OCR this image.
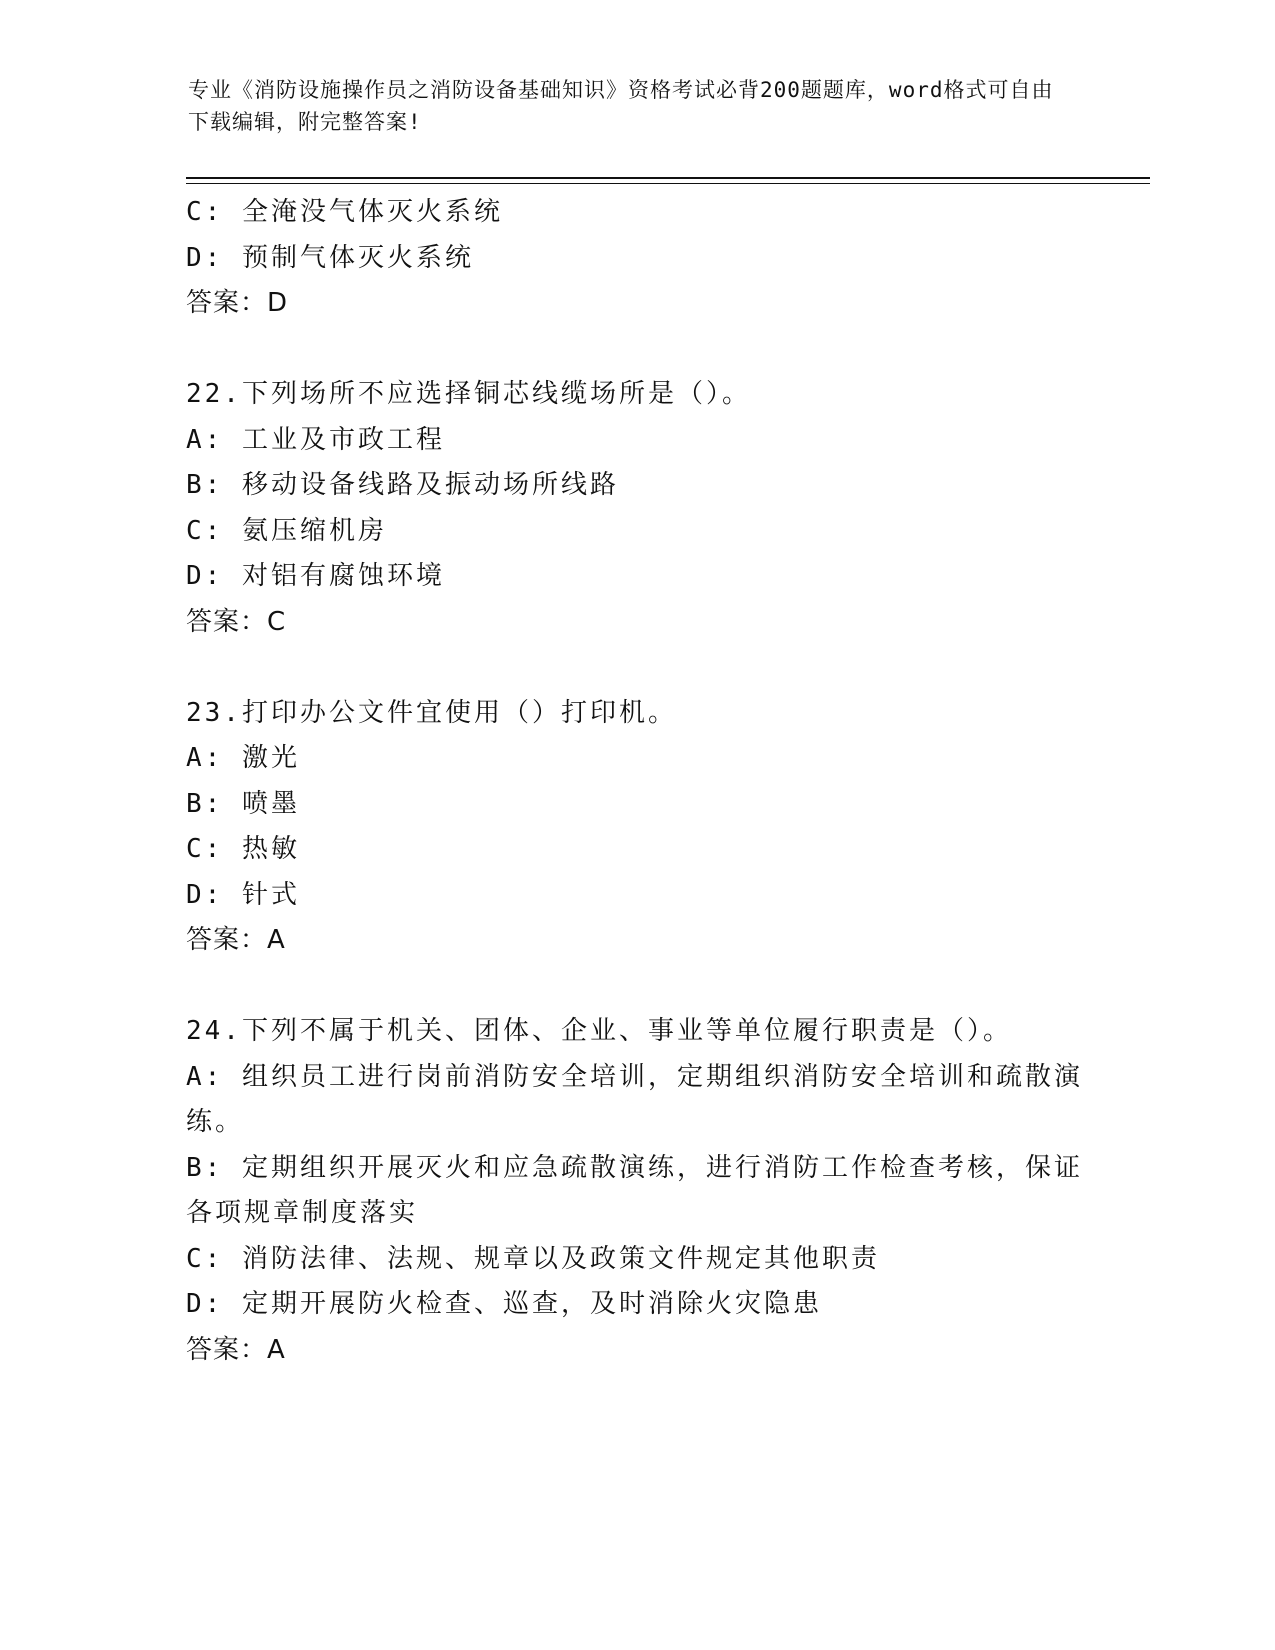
专业《消防设施操作员之消防设备基础知识》资格考试必背200题题库，word格式可自由下载编辑，附完整答案!
C: 全淹没气体灭火系统
D: 预制气体灭火系统
答案：D
22.下列场所不应选择铜芯线缆场所是（）。
A: 工业及市政工程
B: 移动设备线路及振动场所线路
C: 氨压缩机房
D: 对铝有腐蚀环境
答案：C
23.打印办公文件宜使用（）打印机。
A: 激光
B: 喷墨
C: 热敏
D: 针式
答案：A
24.下列不属于机关、团体、企业、事业等单位履行职责是（）。
A: 组织员工进行岗前消防安全培训，定期组织消防安全培训和疏散演练。
B: 定期组织开展灭火和应急疏散演练，进行消防工作检查考核，保证各项规章制度落实
C: 消防法律、法规、规章以及政策文件规定其他职责
D: 定期开展防火检查、巡查，及时消除火灾隐患
答案：A
